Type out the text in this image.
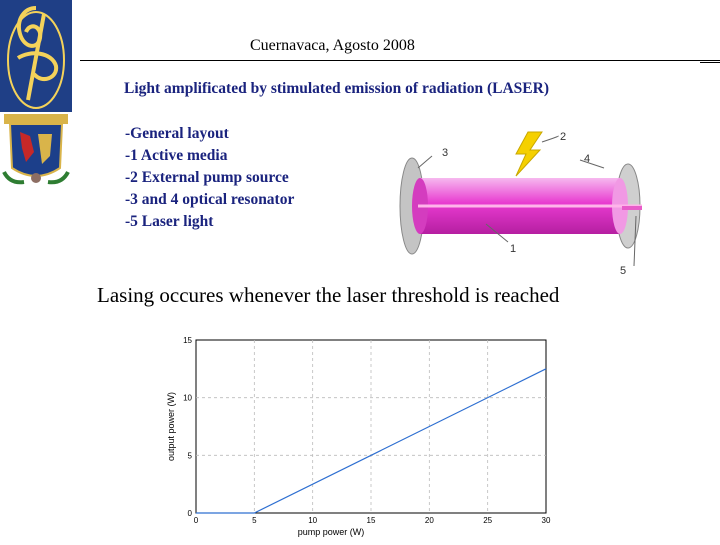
Cuernavaca, Agosto 2008
Light amplificated by stimulated emission of radiation (LASER)
-General layout
-1 Active media
-2 External pump source
-3 and 4 optical resonator
-5 Laser light
2
3	4
1
5
Lasing occures whenever the laser threshold is reached
0	5	10	15	20	25	30
0
5
10
15
pump power (W)
output power (W)
